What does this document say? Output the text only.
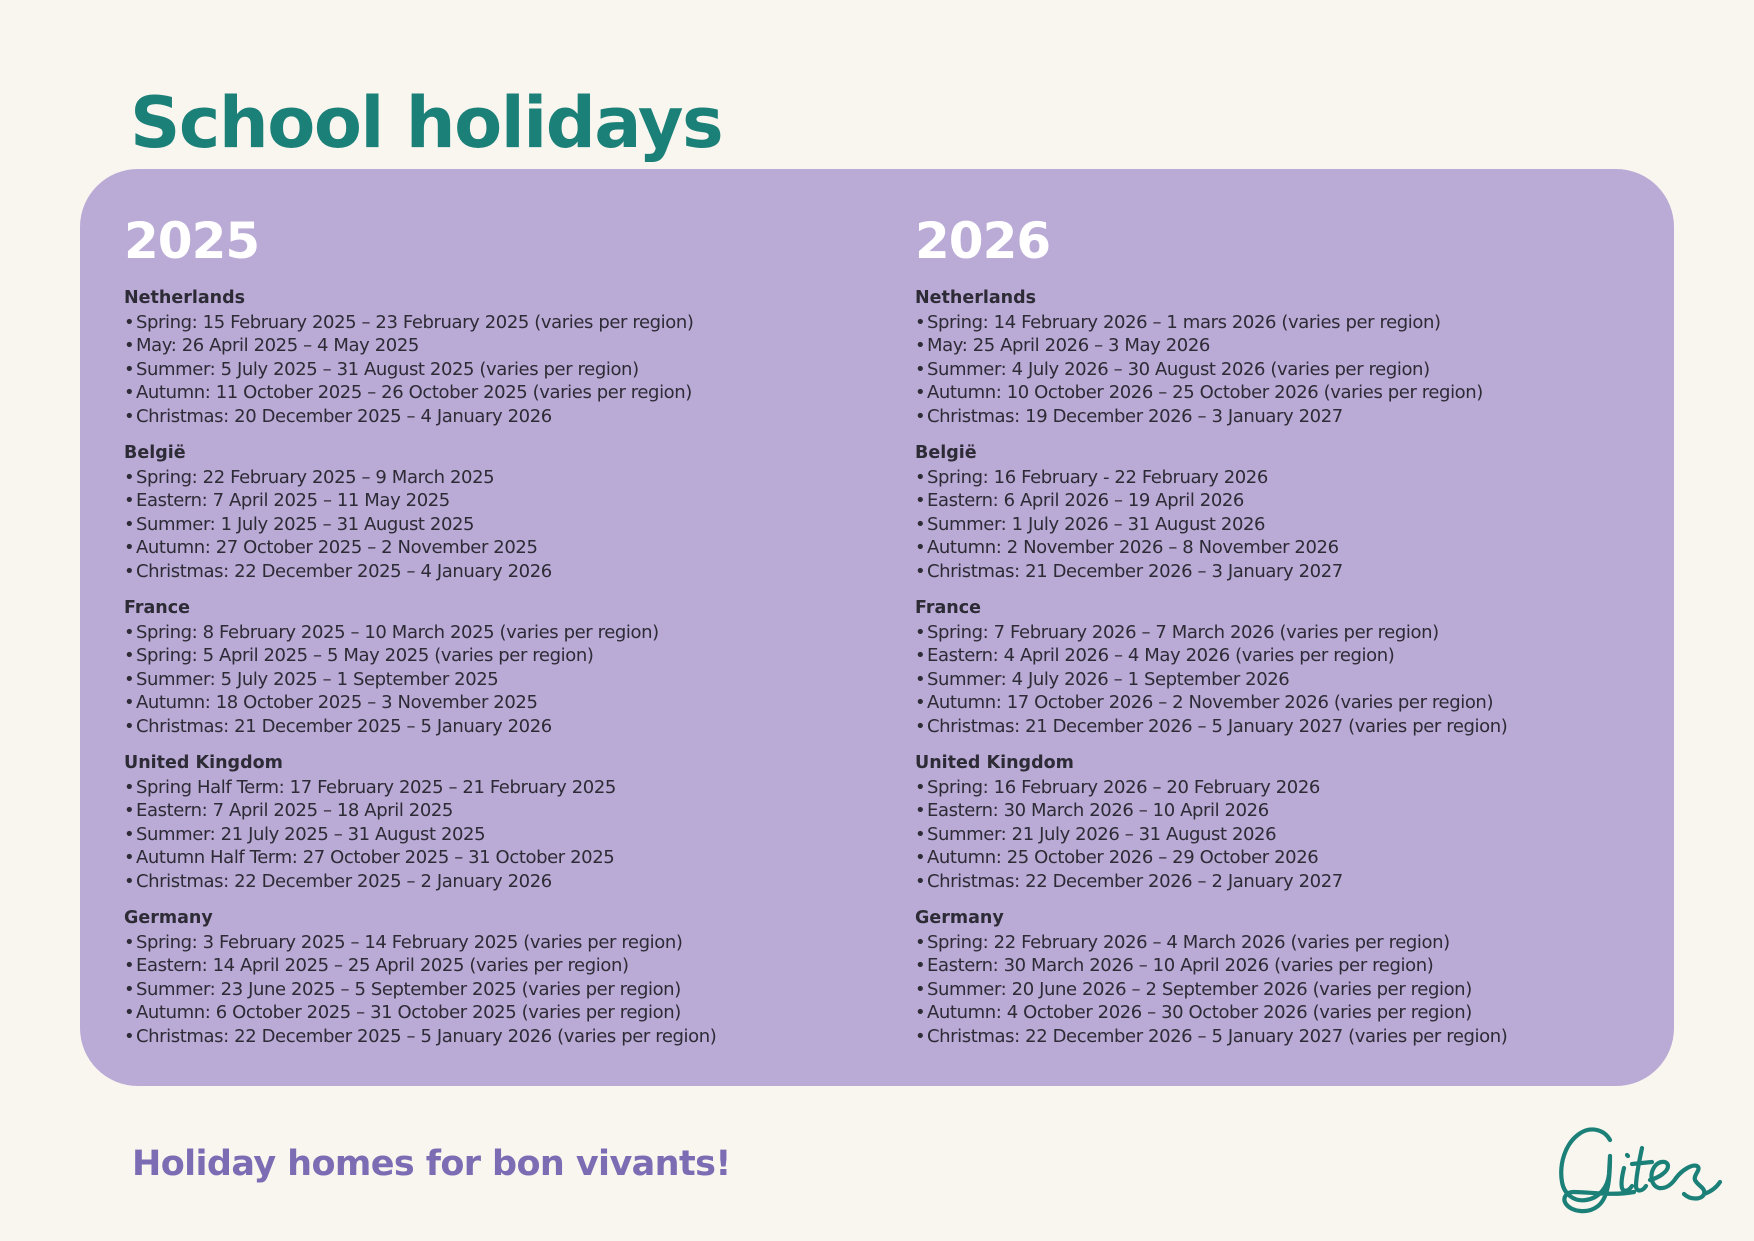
School holidays
2025
Netherlands
•Spring: 15 February 2025 – 23 February 2025 (varies per region)
•May: 26 April 2025 – 4 May 2025
•Summer: 5 July 2025 – 31 August 2025 (varies per region)
•Autumn: 11 October 2025 – 26 October 2025 (varies per region)
•Christmas: 20 December 2025 – 4 January 2026
België
•Spring: 22 February 2025 – 9 March 2025
•Eastern: 7 April 2025 – 11 May 2025
•Summer: 1 July 2025 – 31 August 2025
•Autumn: 27 October 2025 – 2 November 2025
•Christmas: 22 December 2025 – 4 January 2026
France
•Spring: 8 February 2025 – 10 March 2025 (varies per region)
•Spring: 5 April 2025 – 5 May 2025 (varies per region)
•Summer: 5 July 2025 – 1 September 2025
•Autumn: 18 October 2025 – 3 November 2025
•Christmas: 21 December 2025 – 5 January 2026
United Kingdom
•Spring Half Term: 17 February 2025 – 21 February 2025
•Eastern: 7 April 2025 – 18 April 2025
•Summer: 21 July 2025 – 31 August 2025
•Autumn Half Term: 27 October 2025 – 31 October 2025
•Christmas: 22 December 2025 – 2 January 2026
Germany
•Spring: 3 February 2025 – 14 February 2025 (varies per region)
•Eastern: 14 April 2025 – 25 April 2025 (varies per region)
•Summer: 23 June 2025 – 5 September 2025 (varies per region)
•Autumn: 6 October 2025 – 31 October 2025 (varies per region)
•Christmas: 22 December 2025 – 5 January 2026 (varies per region)
2026
Netherlands
•Spring: 14 February 2026 – 1 mars 2026 (varies per region)
•May: 25 April 2026 – 3 May 2026
•Summer: 4 July 2026 – 30 August 2026 (varies per region)
•Autumn: 10 October 2026 – 25 October 2026 (varies per region)
•Christmas: 19 December 2026 – 3 January 2027
België
•Spring: 16 February - 22 February 2026
•Eastern: 6 April 2026 – 19 April 2026
•Summer: 1 July 2026 – 31 August 2026
•Autumn: 2 November 2026 – 8 November 2026
•Christmas: 21 December 2026 – 3 January 2027
France
•Spring: 7 February 2026 – 7 March 2026 (varies per region)
•Eastern: 4 April 2026 – 4 May 2026 (varies per region)
•Summer: 4 July 2026 – 1 September 2026
•Autumn: 17 October 2026 – 2 November 2026 (varies per region)
•Christmas: 21 December 2026 – 5 January 2027 (varies per region)
United Kingdom
•Spring: 16 February 2026 – 20 February 2026
•Eastern: 30 March 2026 – 10 April 2026
•Summer: 21 July 2026 – 31 August 2026
•Autumn: 25 October 2026 – 29 October 2026
•Christmas: 22 December 2026 – 2 January 2027
Germany
•Spring: 22 February 2026 – 4 March 2026 (varies per region)
•Eastern: 30 March 2026 – 10 April 2026 (varies per region)
•Summer: 20 June 2026 – 2 September 2026 (varies per region)
•Autumn: 4 October 2026 – 30 October 2026 (varies per region)
•Christmas: 22 December 2026 – 5 January 2027 (varies per region)
Holiday homes for bon vivants!
